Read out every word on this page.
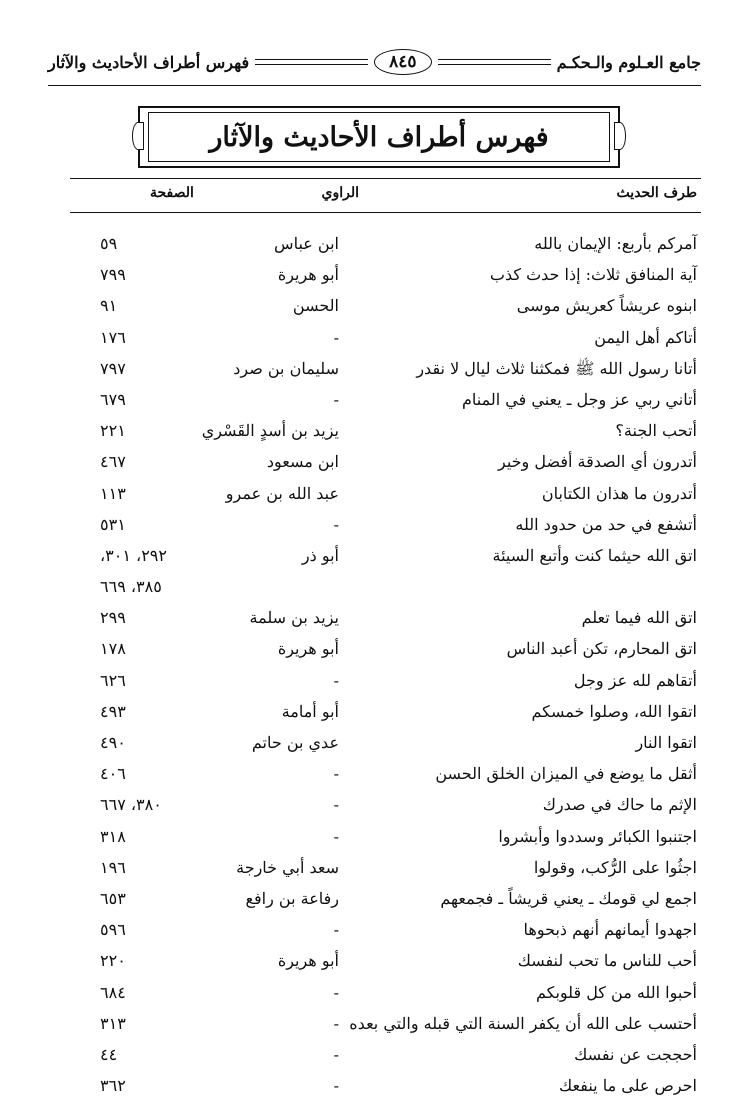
جامع العـلوم والـحكـم
٨٤٥
فهرس أطراف الأحاديث والآثار
فهرس أطراف الأحاديث والآثار
طرف الحديث
الراوي
الصفحة
آمركم بأربع: الإيمان بالله
ابن عباس
٥٩
آية المنافق ثلاث: إذا حدث كذب
أبو هريرة
٧٩٩
ابنوه عريشاً كعريش موسى
الحسن
٩١
أتاكم أهل اليمن
-
١٧٦
أتانا رسول الله ﷺ فمكثنا ثلاث ليال لا نقدر
سليمان بن صرد
٧٩٧
أتاني ربي عز وجل ـ يعني في المنام
-
٦٧٩
أتحب الجنة؟
يزيد بن أسدٍ القَسْري
٢٢١
أتدرون أي الصدقة أفضل وخير
ابن مسعود
٤٦٧
أتدرون ما هذان الكتابان
عبد الله بن عمرو
١١٣
أتشفع في حد من حدود الله
-
٥٣١
اتق الله حيثما كنت وأتبع السيئة
أبو ذر
٢٩٢، ٣٠١،
٣٨٥، ٦٦٩
اتق الله فيما تعلم
يزيد بن سلمة
٢٩٩
اتق المحارم، تكن أعبد الناس
أبو هريرة
١٧٨
أتقاهم لله عز وجل
-
٦٢٦
اتقوا الله، وصلوا خمسكم
أبو أمامة
٤٩٣
اتقوا النار
عدي بن حاتم
٤٩٠
أثقل ما يوضع في الميزان الخلق الحسن
-
٤٠٦
الإثم ما حاك في صدرك
-
٣٨٠، ٦٦٧
اجتنبوا الكبائر وسددوا وأبشروا
-
٣١٨
اجثُوا على الرُّكب، وقولوا
سعد أبي خارجة
١٩٦
اجمع لي قومك ـ يعني قريشاً ـ فجمعهم
رفاعة بن رافع
٦٥٣
اجهدوا أيمانهم أنهم ذبحوها
-
٥٩٦
أحب للناس ما تحب لنفسك
أبو هريرة
٢٢٠
أحبوا الله من كل قلوبكم
-
٦٨٤
أحتسب على الله أن يكفر السنة التي قبله والتي بعده
-
٣١٣
أحججت عن نفسك
-
٤٤
احرص على ما ينفعك
-
٣٦٢
